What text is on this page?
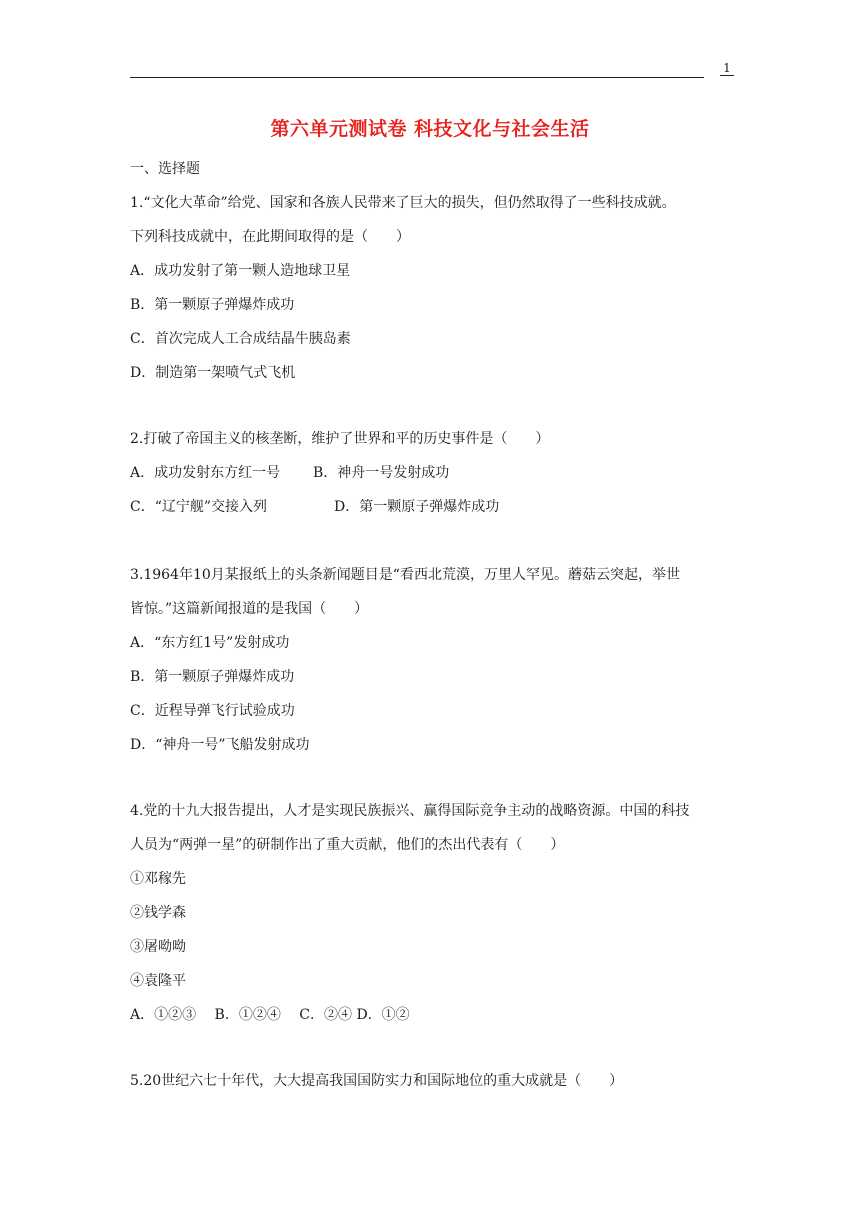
1
第六单元测试卷 科技文化与社会生活
一、选择题
1.“文化大革命”给党、国家和各族人民带来了巨大的损失，但仍然取得了一些科技成就。
下列科技成就中，在此期间取得的是（　　）
A．成功发射了第一颗人造地球卫星
B．第一颗原子弹爆炸成功
C．首次完成人工合成结晶牛胰岛素
D．制造第一架喷气式飞机
2.打破了帝国主义的核垄断，维护了世界和平的历史事件是（　　）
A．成功发射东方红一号 B．神舟一号发射成功
C．“辽宁舰”交接入列	D．第一颗原子弹爆炸成功
3.1964年10月某报纸上的头条新闻题目是“看西北荒漠，万里人罕见。蘑菇云突起，举世
皆惊。”这篇新闻报道的是我国（　　）
A．“东方红1号”发射成功
B．第一颗原子弹爆炸成功
C．近程导弹飞行试验成功
D．“神舟一号”飞船发射成功
4.党的十九大报告提出，人才是实现民族振兴、赢得国际竞争主动的战略资源。中国的科技
人员为“两弹一星”的研制作出了重大贡献，他们的杰出代表有（　　）
①邓稼先
②钱学森
③屠呦呦
④袁隆平
A．①②③　 B．①②④　 C．②④ D．①②
5.20世纪六七十年代，大大提高我国国防实力和国际地位的重大成就是（　　）
